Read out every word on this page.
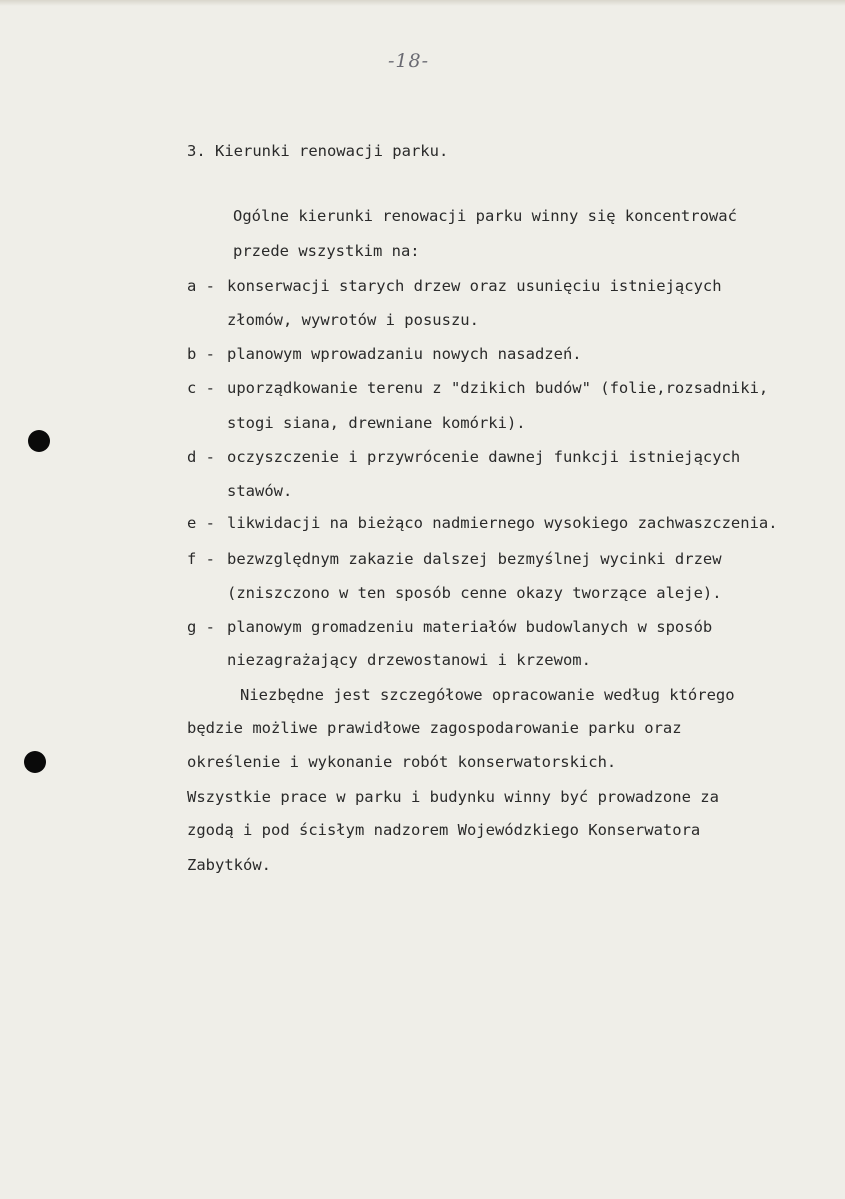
-18-
3. Kierunki renowacji parku.
Ogólne kierunki renowacji parku winny się koncentrować
przede wszystkim na:
a - konserwacji starych drzew oraz usunięciu istniejących
złomów, wywrotów i posuszu.
b - planowym wprowadzaniu nowych nasadzeń.
c - uporządkowanie terenu z "dzikich budów" (folie,rozsadniki,
stogi siana, drewniane komórki).
d - oczyszczenie i przywrócenie dawnej funkcji istniejących
stawów.
e - likwidacji na bieżąco nadmiernego wysokiego zachwaszczenia.
f - bezwzględnym zakazie dalszej bezmyślnej wycinki drzew
(zniszczono w ten sposób cenne okazy tworzące aleje).
g - planowym gromadzeniu materiałów budowlanych w sposób
niezagrażający drzewostanowi i krzewom.
Niezbędne jest szczegółowe opracowanie według którego
będzie możliwe prawidłowe zagospodarowanie parku oraz
określenie i wykonanie robót konserwatorskich.
Wszystkie prace w parku i budynku winny być prowadzone za
zgodą i pod ścisłym nadzorem Wojewódzkiego Konserwatora
Zabytków.
